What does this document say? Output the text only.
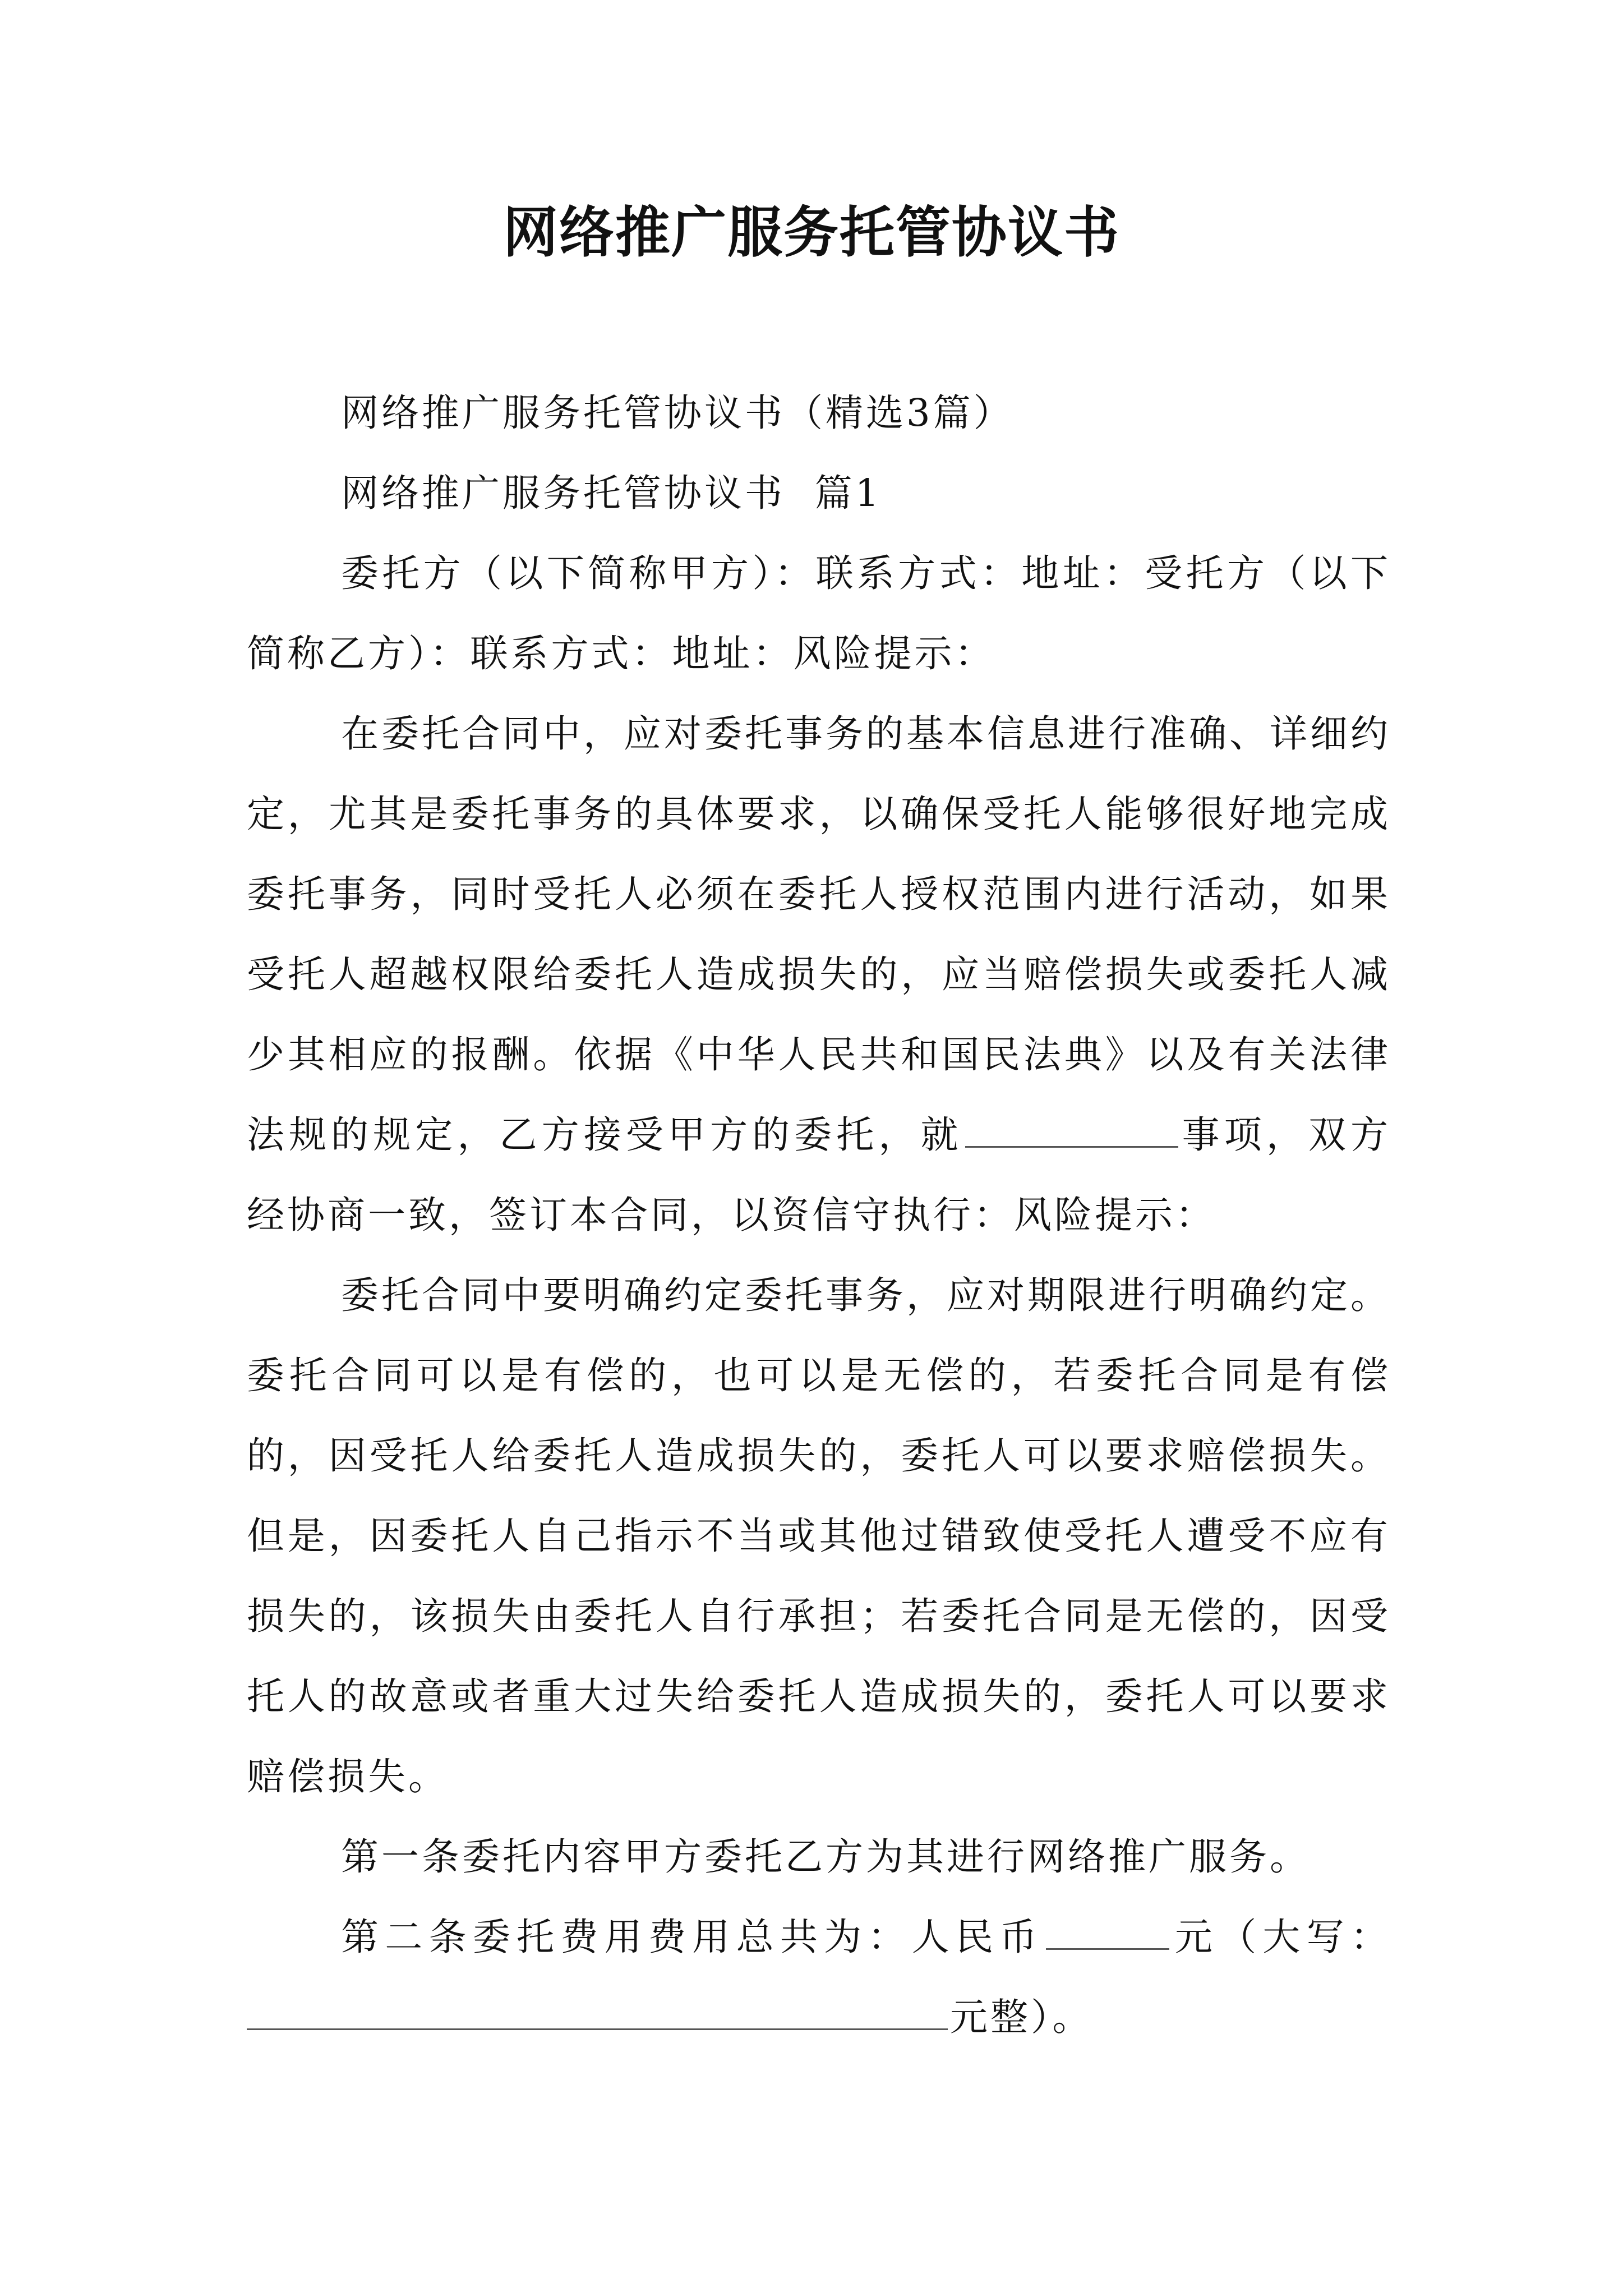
网络推广服务托管协议书

网络推广服务托管协议书（精选3篇）

网络推广服务托管协议书  篇1

委托方（以下简称甲方）：联系方式：地址：受托方（以下简称乙方）：联系方式：地址：风险提示：

在委托合同中，应对委托事务的基本信息进行准确、详细约定，尤其是委托事务的具体要求，以确保受托人能够很好地完成委托事务，同时受托人必须在委托人授权范围内进行活动，如果受托人超越权限给委托人造成损失的，应当赔偿损失或委托人减少其相应的报酬。依据《中华人民共和国民法典》以及有关法律法规的规定，乙方接受甲方的委托，就	事项，双方经协商一致，签订本合同，以资信守执行：风险提示：

委托合同中要明确约定委托事务，应对期限进行明确约定。委托合同可以是有偿的，也可以是无偿的，若委托合同是有偿的，因受托人给委托人造成损失的，委托人可以要求赔偿损失。但是，因委托人自己指示不当或其他过错致使受托人遭受不应有损失的，该损失由委托人自行承担；若委托合同是无偿的，因受托人的故意或者重大过失给委托人造成损失的，委托人可以要求赔偿损失。

第一条委托内容甲方委托乙方为其进行网络推广服务。

第二条委托费用费用总共为：人民币	元（大写：元整）。
